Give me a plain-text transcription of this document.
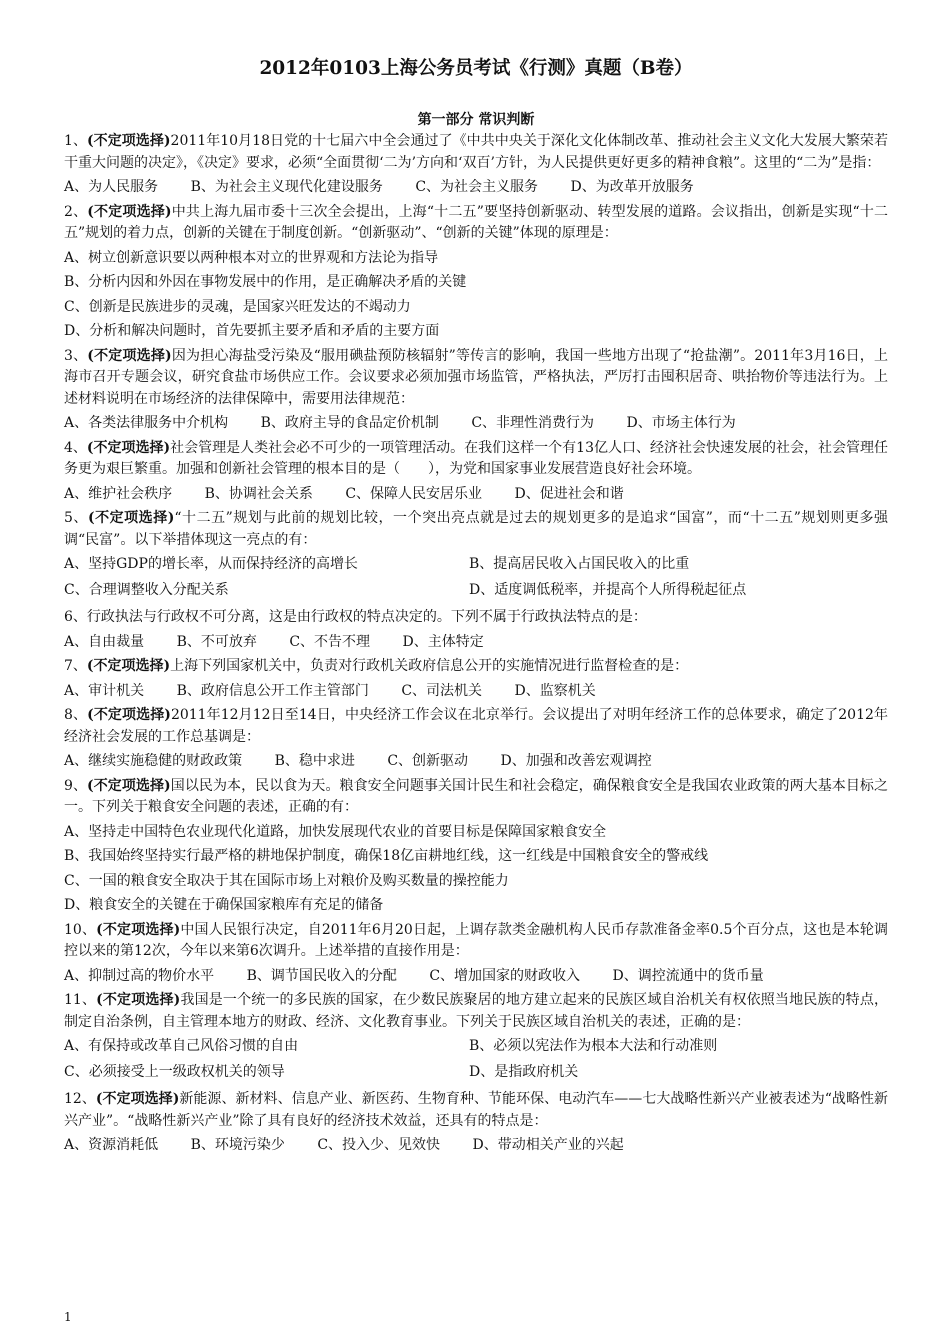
2012年0103上海公务员考试《行测》真题（B卷）
第一部分 常识判断
1、(不定项选择)2011年10月18日党的十七届六中全会通过了《中共中央关于深化文化体制改革、推动社会主义文化大发展大繁荣若干重大问题的决定》，《决定》要求，必须“全面贯彻‘二为’方向和‘双百’方针，为人民提供更好更多的精神食粮”。这里的“二为”是指：
A、为人民服务 B、为社会主义现代化建设服务 C、为社会主义服务 D、为改革开放服务
2、(不定项选择)中共上海九届市委十三次全会提出，上海“十二五”要坚持创新驱动、转型发展的道路。会议指出，创新是实现“十二五”规划的着力点，创新的关键在于制度创新。“创新驱动”、“创新的关键”体现的原理是：
A、树立创新意识要以两种根本对立的世界观和方法论为指导
B、分析内因和外因在事物发展中的作用，是正确解决矛盾的关键
C、创新是民族进步的灵魂，是国家兴旺发达的不竭动力
D、分析和解决问题时，首先要抓主要矛盾和矛盾的主要方面
3、(不定项选择)因为担心海盐受污染及“服用碘盐预防核辐射”等传言的影响，我国一些地方出现了“抢盐潮”。2011年3月16日，上海市召开专题会议，研究食盐市场供应工作。会议要求必须加强市场监管，严格执法，严厉打击囤积居奇、哄抬物价等违法行为。上述材料说明在市场经济的法律保障中，需要用法律规范：
A、各类法律服务中介机构 B、政府主导的食品定价机制 C、非理性消费行为 D、市场主体行为
4、(不定项选择)社会管理是人类社会必不可少的一项管理活动。在我们这样一个有13亿人口、经济社会快速发展的社会，社会管理任务更为艰巨繁重。加强和创新社会管理的根本目的是（　　），为党和国家事业发展营造良好社会环境。
A、维护社会秩序 B、协调社会关系 C、保障人民安居乐业 D、促进社会和谐
5、(不定项选择)“十二五”规划与此前的规划比较，一个突出亮点就是过去的规划更多的是追求“国富”，而“十二五”规划则更多强调“民富”。以下举措体现这一亮点的有：
A、坚持GDP的增长率，从而保持经济的高增长	B、提高居民收入占国民收入的比重
C、合理调整收入分配关系	D、适度调低税率，并提高个人所得税起征点
6、行政执法与行政权不可分离，这是由行政权的特点决定的。下列不属于行政执法特点的是：
A、自由裁量 B、不可放弃 C、不告不理 D、主体特定
7、(不定项选择)上海下列国家机关中，负责对行政机关政府信息公开的实施情况进行监督检查的是：
A、审计机关 B、政府信息公开工作主管部门 C、司法机关 D、监察机关
8、(不定项选择)2011年12月12日至14日，中央经济工作会议在北京举行。会议提出了对明年经济工作的总体要求，确定了2012年经济社会发展的工作总基调是：
A、继续实施稳健的财政政策 B、稳中求进 C、创新驱动 D、加强和改善宏观调控
9、(不定项选择)国以民为本，民以食为天。粮食安全问题事关国计民生和社会稳定，确保粮食安全是我国农业政策的两大基本目标之一。下列关于粮食安全问题的表述，正确的有：
A、坚持走中国特色农业现代化道路，加快发展现代农业的首要目标是保障国家粮食安全
B、我国始终坚持实行最严格的耕地保护制度，确保18亿亩耕地红线，这一红线是中国粮食安全的警戒线
C、一国的粮食安全取决于其在国际市场上对粮价及购买数量的操控能力
D、粮食安全的关键在于确保国家粮库有充足的储备
10、(不定项选择)中国人民银行决定，自2011年6月20日起，上调存款类金融机构人民币存款准备金率0.5个百分点，这也是本轮调控以来的第12次，今年以来第6次调升。上述举措的直接作用是：
A、抑制过高的物价水平 B、调节国民收入的分配 C、增加国家的财政收入 D、调控流通中的货币量
11、(不定项选择)我国是一个统一的多民族的国家，在少数民族聚居的地方建立起来的民族区域自治机关有权依照当地民族的特点，制定自治条例，自主管理本地方的财政、经济、文化教育事业。下列关于民族区域自治机关的表述，正确的是：
A、有保持或改革自己风俗习惯的自由	B、必须以宪法作为根本大法和行动准则
C、必须接受上一级政权机关的领导	D、是指政府机关
12、(不定项选择)新能源、新材料、信息产业、新医药、生物育种、节能环保、电动汽车——七大战略性新兴产业被表述为“战略性新兴产业”。“战略性新兴产业”除了具有良好的经济技术效益，还具有的特点是：
A、资源消耗低 B、环境污染少 C、投入少、见效快 D、带动相关产业的兴起
1
